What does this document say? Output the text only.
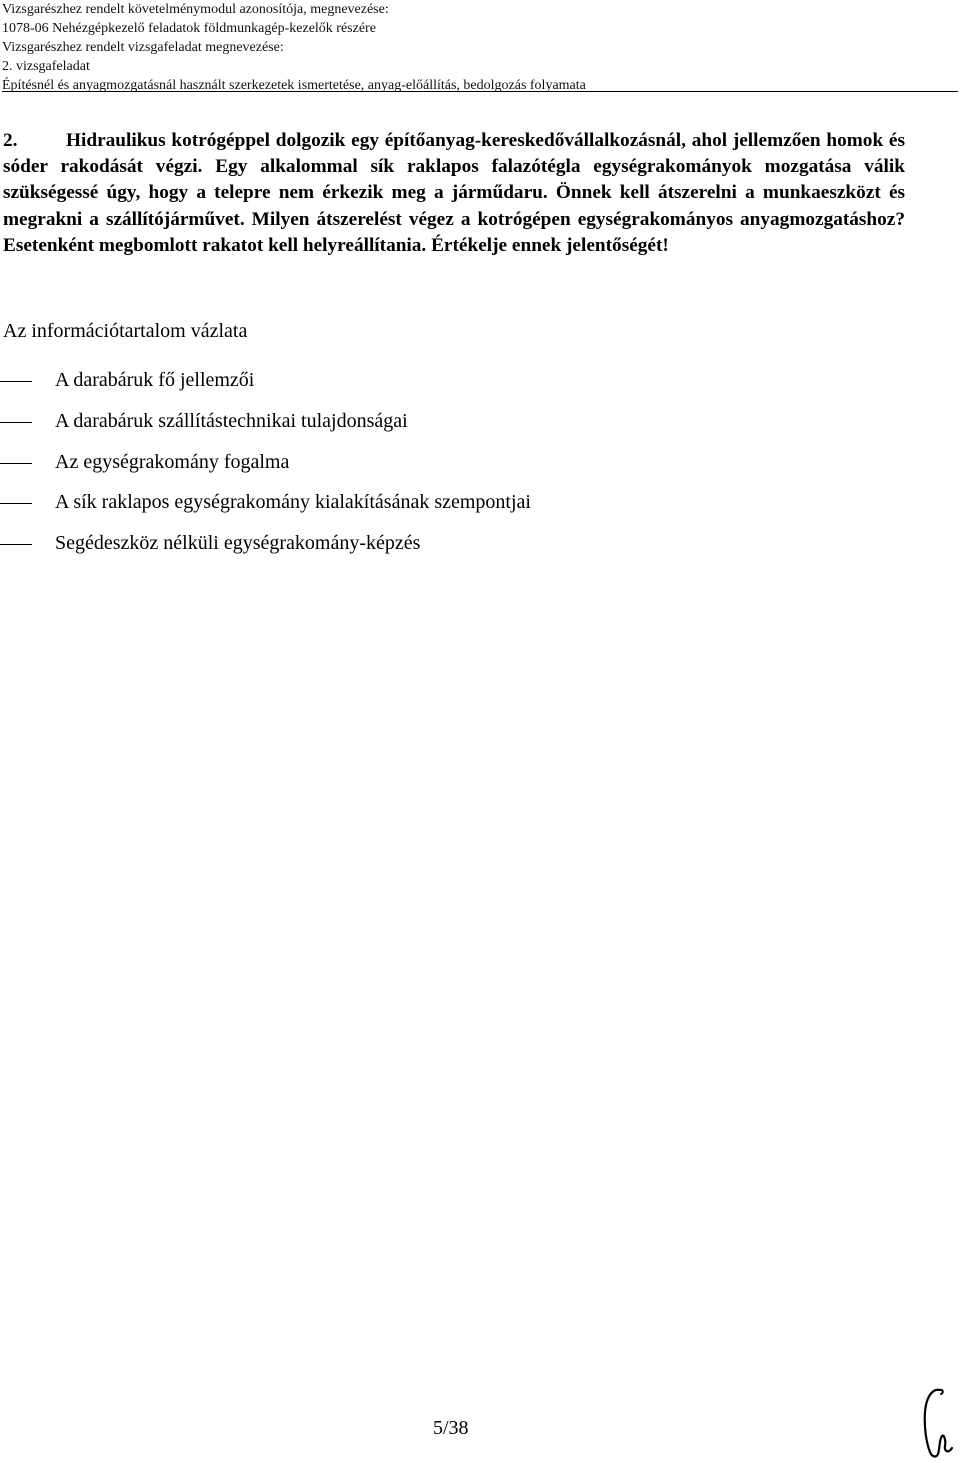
Vizsgarészhez rendelt követelménymodul azonosítója, megnevezése:
1078-06 Nehézgépkezelő feladatok földmunkagép-kezelők részére
Vizsgarészhez rendelt vizsgafeladat megnevezése:
2. vizsgafeladat
Építésnél és anyagmozgatásnál használt szerkezetek ismertetése, anyag-előállítás, bedolgozás folyamata
2.	Hidraulikus kotrógéppel dolgozik egy építőanyag-kereskedővállalkozásnál, ahol jellemzően homok és sóder rakodását végzi. Egy alkalommal sík raklapos falazótégla egységrakományok mozgatása válik szükségessé úgy, hogy a telepre nem érkezik meg a járműdaru. Önnek kell átszerelni a munkaeszközt és megrakni a szállítójárművet. Milyen átszerelést végez a kotrógépen egységrakományos anyagmozgatáshoz? Esetenként megbomlott rakatot kell helyreállítania. Értékelje ennek jelentőségét!
Az információtartalom vázlata
A darabáruk fő jellemzői
A darabáruk szállítástechnikai tulajdonságai
Az egységrakomány fogalma
A sík raklapos egységrakomány kialakításának szempontjai
Segédeszköz nélküli egységrakomány-képzés
5/38
